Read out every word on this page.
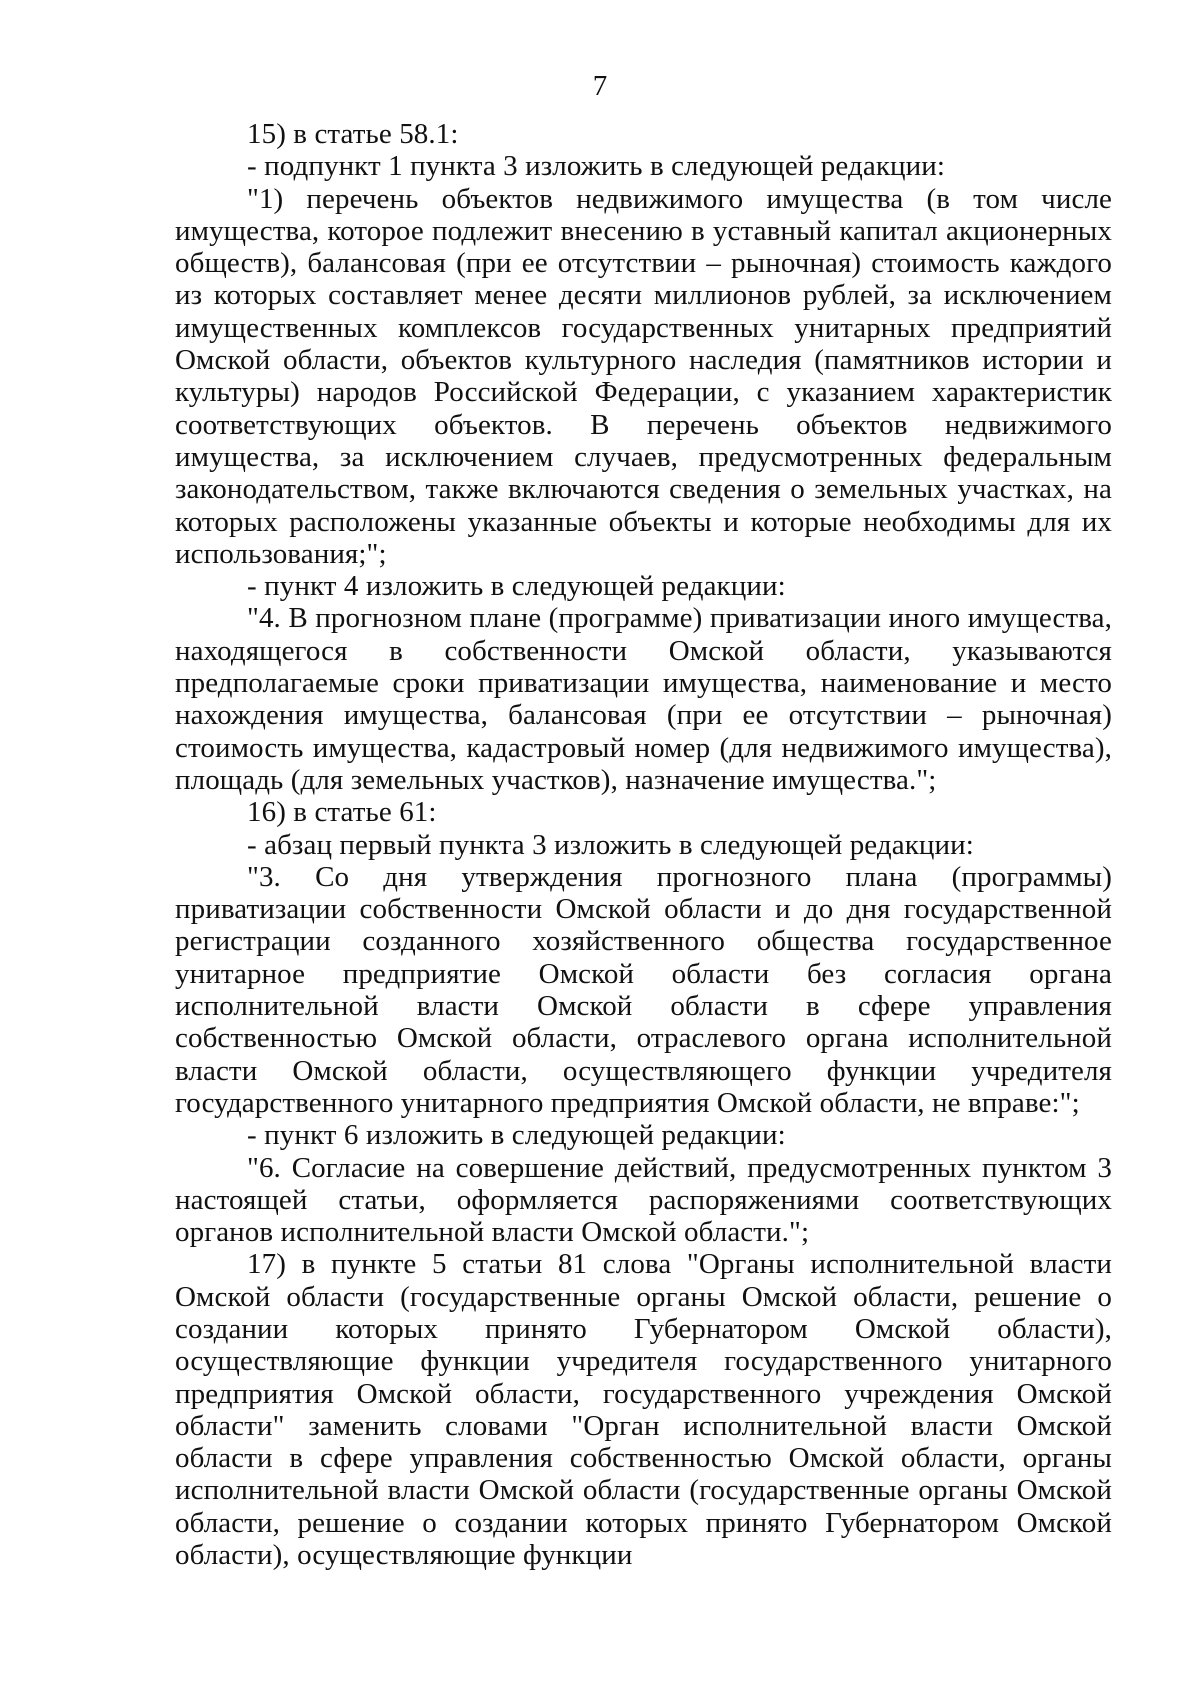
7

15) в статье 58.1:

- подпункт 1 пункта 3 изложить в следующей редакции:

"1) перечень объектов недвижимого имущества (в том числе имущества, которое подлежит внесению в уставный капитал акционерных обществ), балансовая (при ее отсутствии – рыночная) стоимость каждого из которых составляет менее десяти миллионов рублей, за исключением имущественных комплексов государственных унитарных предприятий Омской области, объектов культурного наследия (памятников истории и культуры) народов Российской Федерации, с указанием характеристик соответствующих объектов. В перечень объектов недвижимого имущества, за исключением случаев, предусмотренных федеральным законодательством, также включаются сведения о земельных участках, на которых расположены указанные объекты и которые необходимы для их использования;";

- пункт 4 изложить в следующей редакции:

"4. В прогнозном плане (программе) приватизации иного имущества, находящегося в собственности Омской области, указываются предполагаемые сроки приватизации имущества, наименование и место нахождения имущества, балансовая (при ее отсутствии – рыночная) стоимость имущества, кадастровый номер (для недвижимого имущества), площадь (для земельных участков), назначение имущества.";

16) в статье 61:

- абзац первый пункта 3 изложить в следующей редакции:

"3. Со дня утверждения прогнозного плана (программы) приватизации собственности Омской области и до дня государственной регистрации созданного хозяйственного общества государственное унитарное предприятие Омской области без согласия органа исполнительной власти Омской области в сфере управления собственностью Омской области, отраслевого органа исполнительной власти Омской области, осуществляющего функции учредителя государственного унитарного предприятия Омской области, не вправе:";

- пункт 6 изложить в следующей редакции:

"6. Согласие на совершение действий, предусмотренных пунктом 3 настоящей статьи, оформляется распоряжениями соответствующих органов исполнительной власти Омской области.";

17) в пункте 5 статьи 81 слова "Органы исполнительной власти Омской области (государственные органы Омской области, решение о создании которых принято Губернатором Омской области), осуществляющие функции учредителя государственного унитарного предприятия Омской области, государственного учреждения Омской области" заменить словами "Орган исполнительной власти Омской области в сфере управления собственностью Омской области, органы исполнительной власти Омской области (государственные органы Омской области, решение о создании которых принято Губернатором Омской области), осуществляющие функции
